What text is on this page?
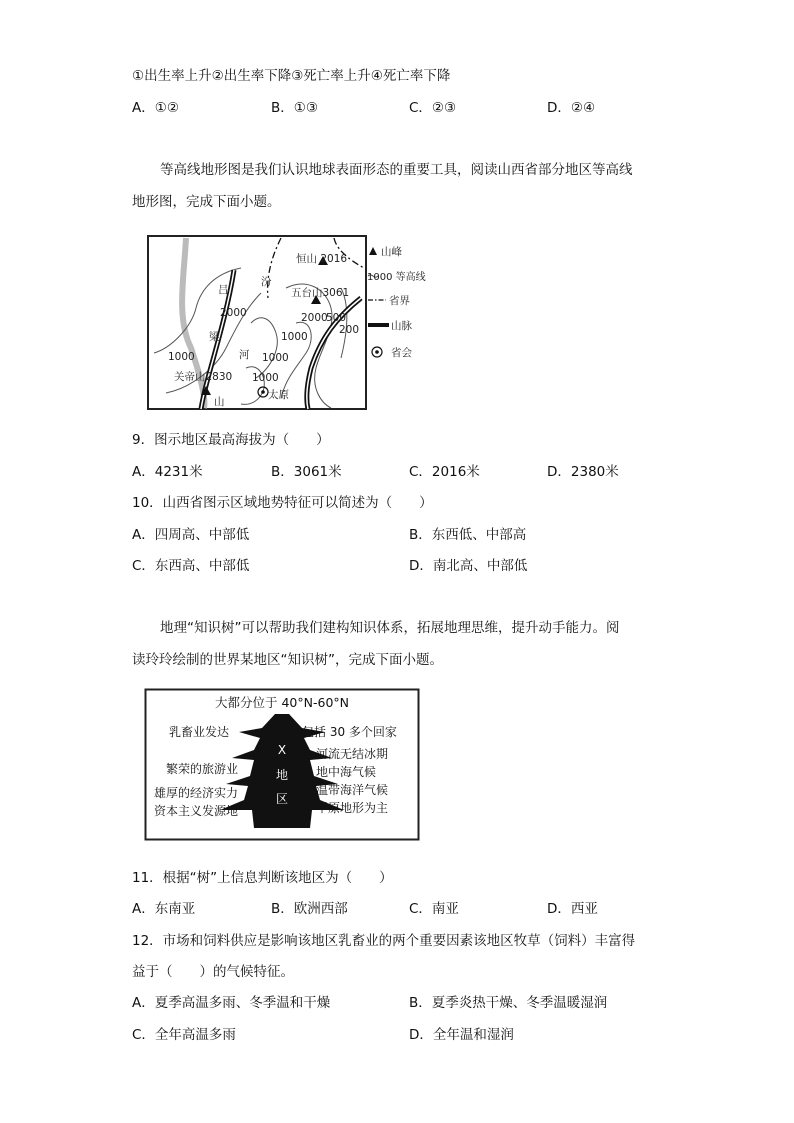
①出生率上升②出生率下降③死亡率上升④死亡率下降
A．①②	B．①③	C．②③	D．②④
等高线地形图是我们认识地球表面形态的重要工具，阅读山西省部分地区等高线
地形图，完成下面小题。
恒山 2016
五台山3061
吕
梁
汾
河
关帝山2830
太原
山
1000	1000
1000
1000
2000	2000
500
200
山峰
1000 等高线
省界
山脉
省会
9．图示地区最高海拔为（　　）
A．4231米	B．3061米	C．2016米	D．2380米
10．山西省图示区域地势特征可以简述为（　　）
A．四周高、中部低	B．东西低、中部高
C．东西高、中部低	D．南北高、中部低
地理“知识树”可以帮助我们建构知识体系，拓展地理思维，提升动手能力。阅
读玲玲绘制的世界某地区“知识树”，完成下面小题。
大都分位于 40°N-60°N
X
地
区
乳畜业发达
繁荣的旅游业
雄厚的经济实力
资本主义发源地
包括 30 多个回家
河流无结冰期
地中海气候
温带海洋气候
平原地形为主
11．根据“树”上信息判断该地区为（　　）
A．东南亚	B．欧洲西部	C．南亚	D．西亚
12．市场和饲料供应是影响该地区乳畜业的两个重要因素该地区牧草（饲料）丰富得
益于（　　）的气候特征。
A．夏季高温多雨、冬季温和干燥	B．夏季炎热干燥、冬季温暖湿润
C．全年高温多雨	D．全年温和湿润
